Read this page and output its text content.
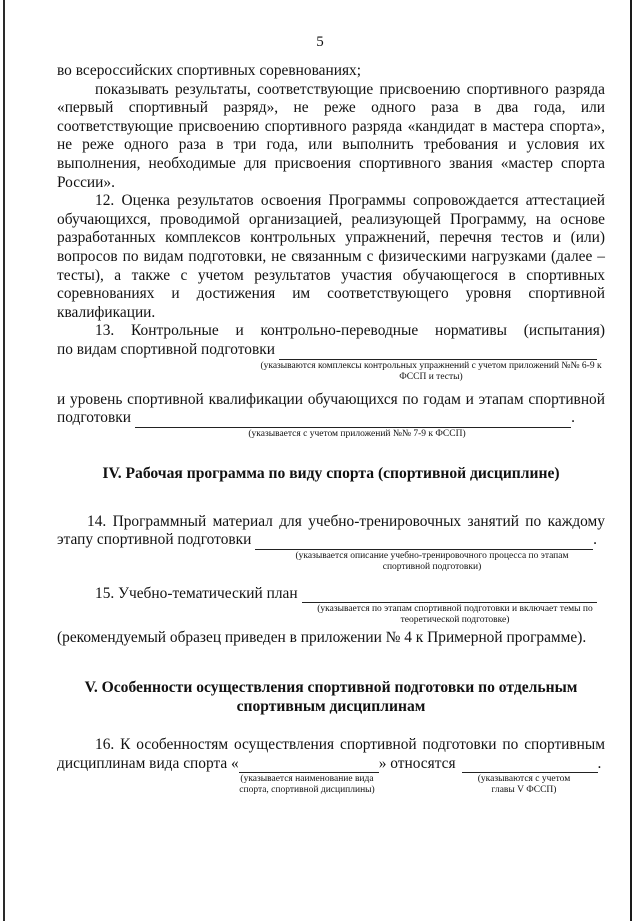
5

во всероссийских спортивных соревнованиях;

показывать результаты, соответствующие присвоению спортивного разряда «первый спортивный разряд», не реже одного раза в два года, или соответствующие присвоению спортивного разряда «кандидат в мастера спорта», не реже одного раза в три года, или выполнить требования и условия их выполнения, необходимые для присвоения спортивного звания «мастер спорта России».

12. Оценка результатов освоения Программы сопровождается аттестацией обучающихся, проводимой организацией, реализующей Программу, на основе разработанных комплексов контрольных упражнений, перечня тестов и (или) вопросов по видам подготовки, не связанным с физическими нагрузками (далее – тесты), а также с учетом результатов участия обучающегося в спортивных соревнованиях и достижения им соответствующего уровня спортивной квалификации.

13. Контрольные и контрольно-переводные нормативы (испытания)

по видам спортивной подготовки

(указываются комплексы контрольных упражнений с учетом приложений №№ 6-9 к ФССП и тесты)

и уровень спортивной квалификации обучающихся по годам и этапам спортивной

подготовки	.

(указывается с учетом приложений №№ 7-9 к ФССП)

IV. Рабочая программа по виду спорта (спортивной дисциплине)

14. Программный материал для учебно-тренировочных занятий по каждому

этапу спортивной подготовки	.

(указывается описание учебно-тренировочного процесса по этапам спортивной подготовки)

15. Учебно-тематический план

(указывается по этапам спортивной подготовки и включает темы по теоретической подготовке)

(рекомендуемый образец приведен в приложении № 4 к Примерной программе).

V. Особенности осуществления спортивной подготовки по отдельным

спортивным дисциплинам

16. К особенностям осуществления спортивной подготовки по спортивным

дисциплинам вида спорта «	» относятся	.

(указывается наименование вида спорта, спортивной дисциплины)

(указываются с учетом главы V ФССП)
